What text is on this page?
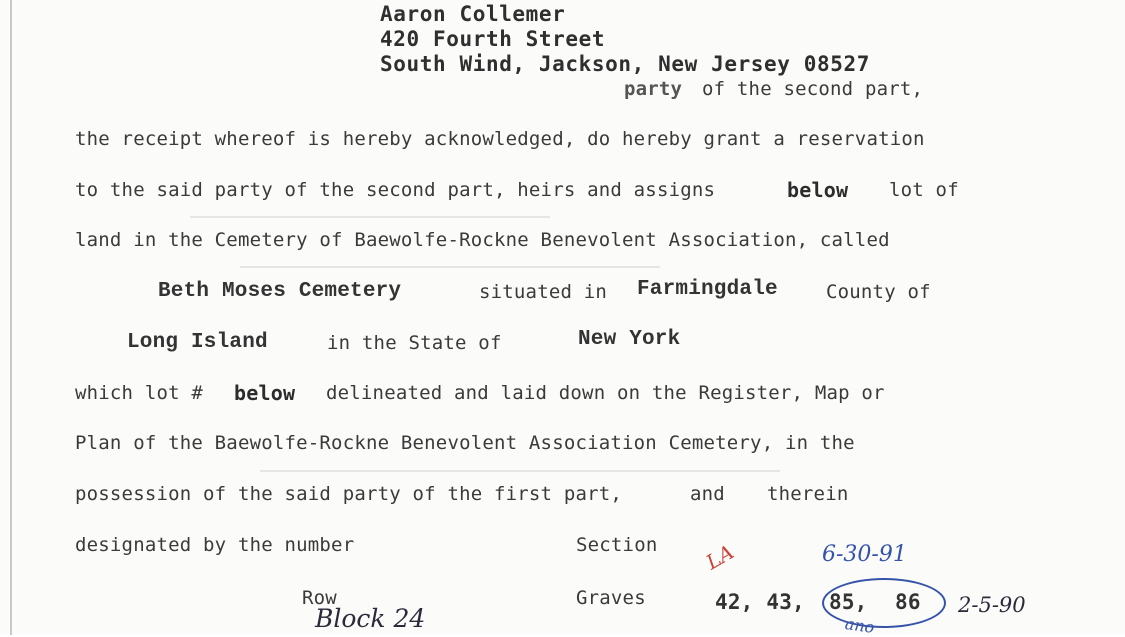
Aaron Collemer
420 Fourth Street
South Wind, Jackson, New Jersey 08527
party of the second part,
the receipt whereof is hereby acknowledged, do hereby grant a reservation
to the said party of the second part, heirs and assigns	below lot of
land in the Cemetery of Baewolfe-Rockne Benevolent Association, called
Beth Moses Cemetery	situated in Farmingdale	County of
Long Island	in the State of	New York
which lot # below delineated and laid down on the Register, Map or
Plan of the Baewolfe-Rockne Benevolent Association Cemetery, in the
possession of the said party of the first part,	and therein
designated by the number	Section
Row	Graves	42, 43, 85, 86
LA	6-30-91
2-5-90
Block 24	ano
